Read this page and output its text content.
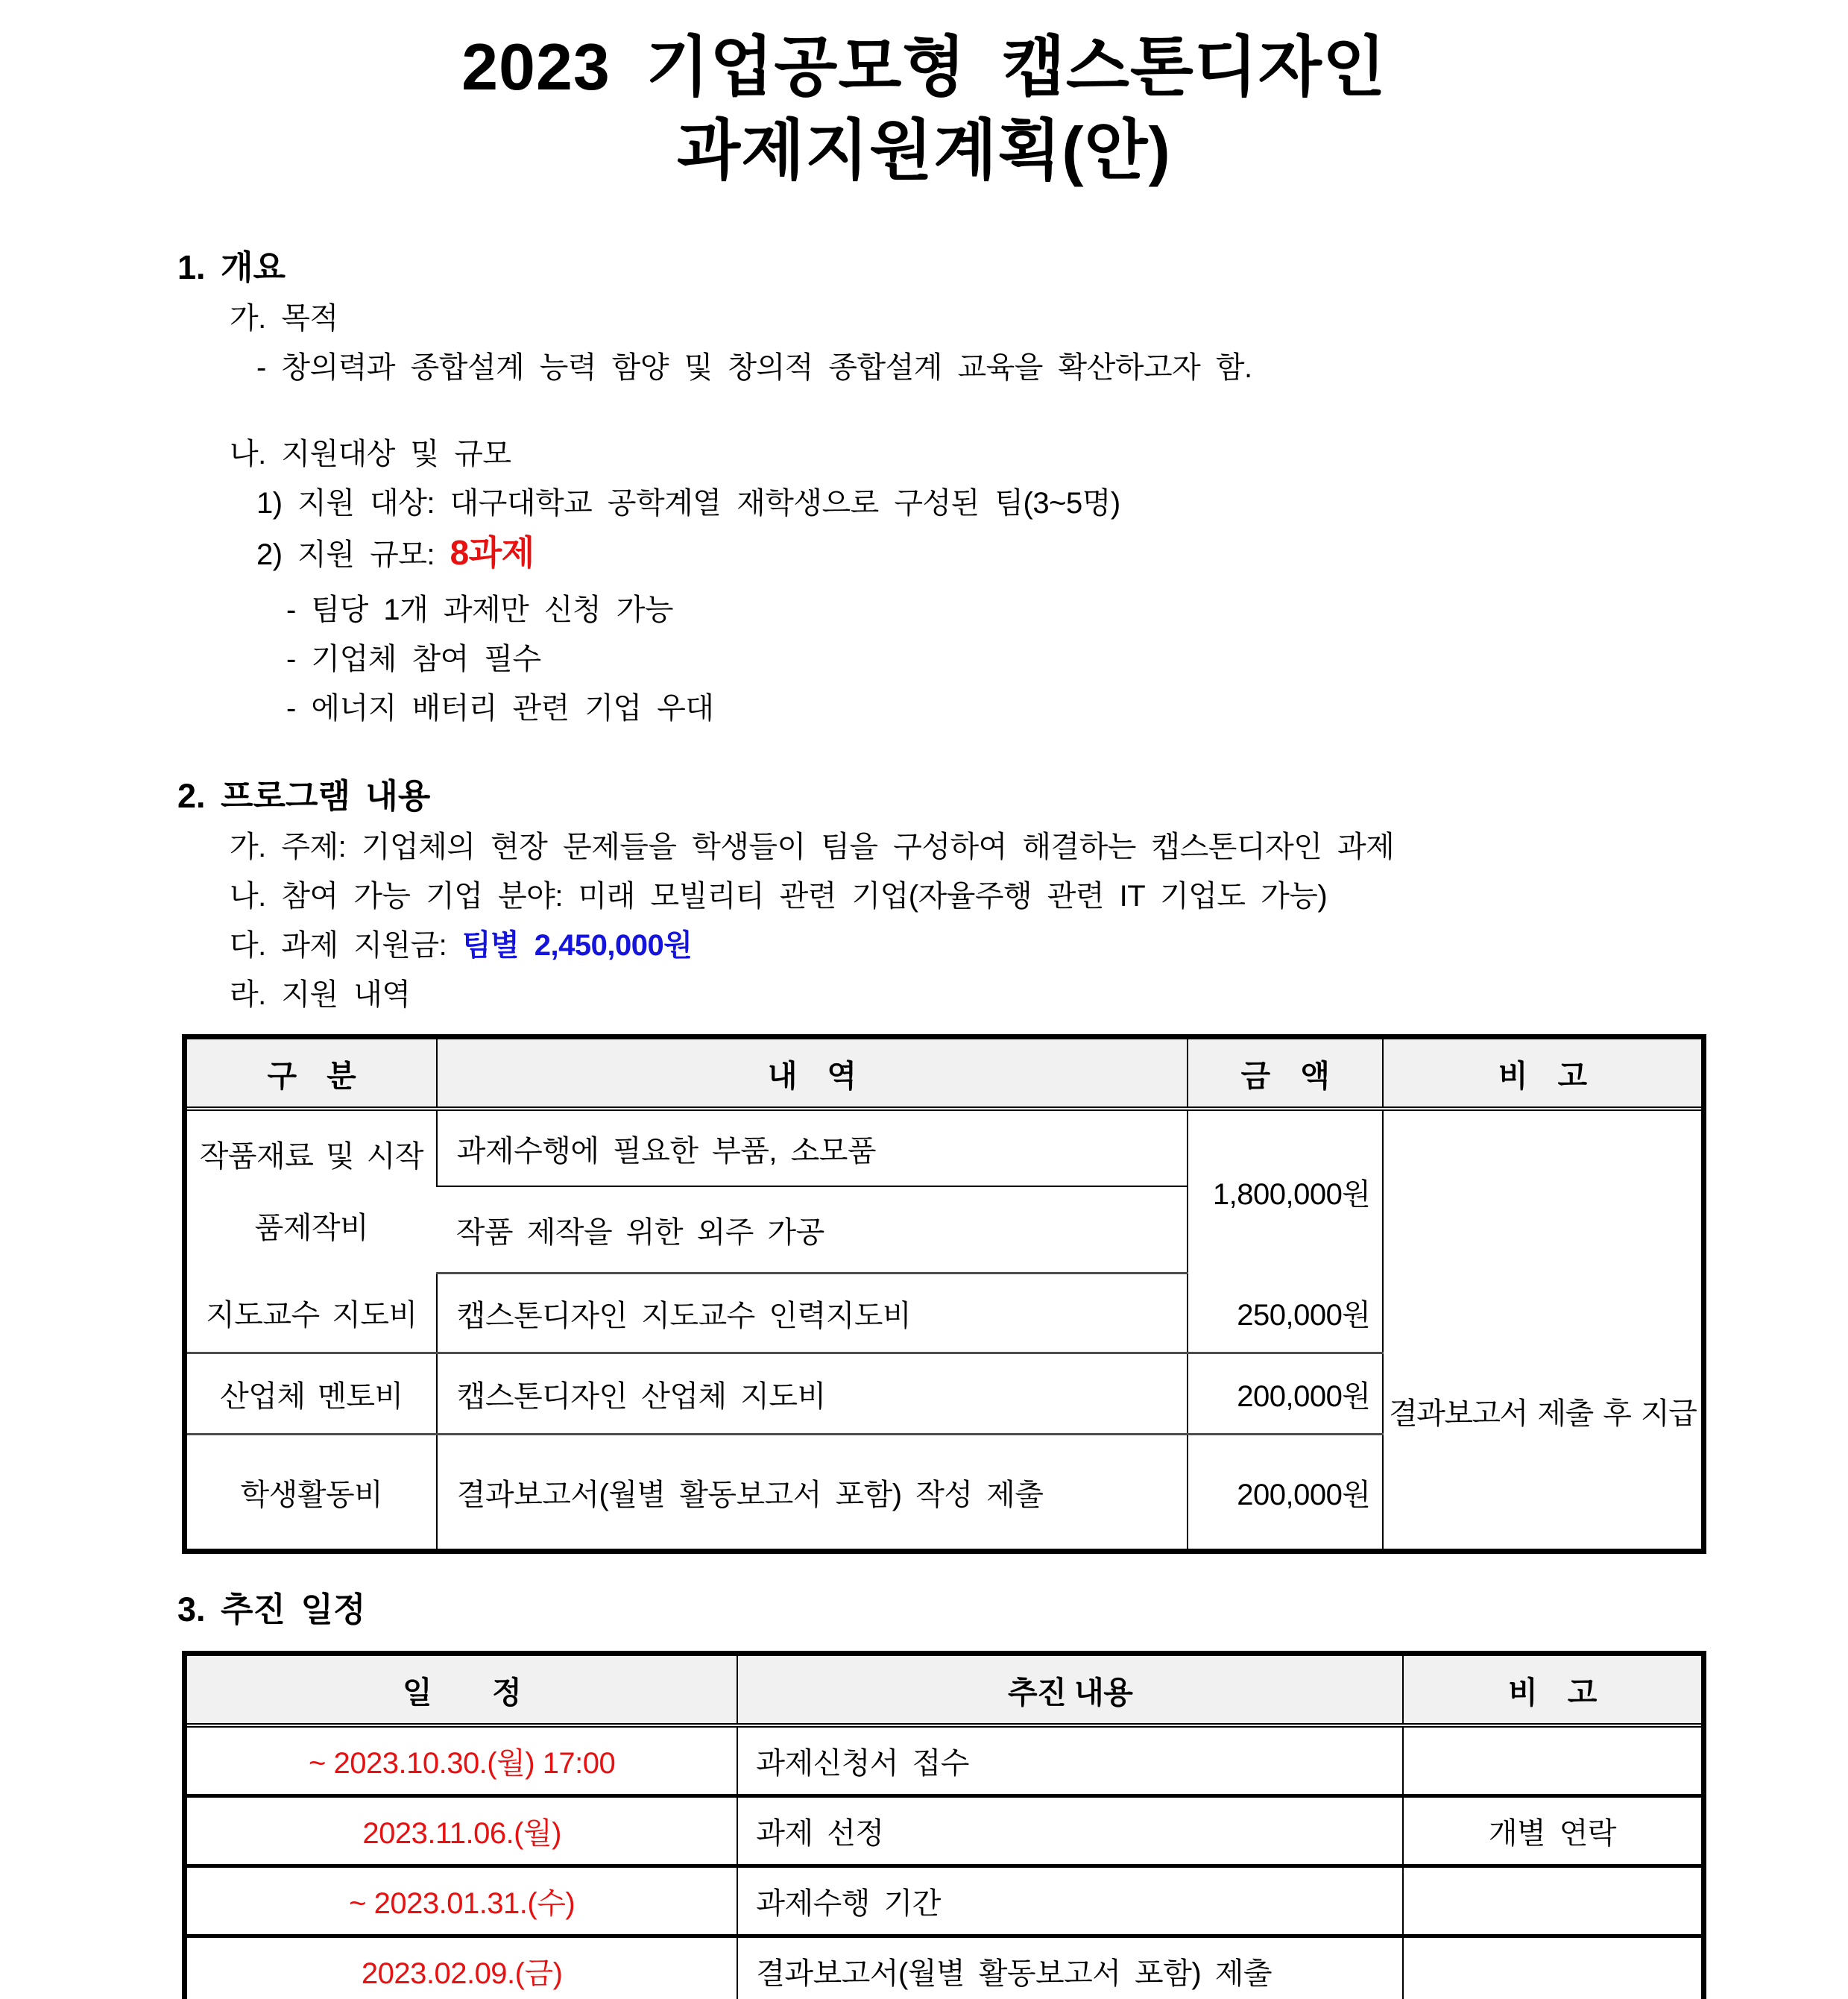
2023 기업공모형 캡스톤디자인
과제지원계획(안)
1. 개요
가. 목적
- 창의력과 종합설계 능력 함양 및 창의적 종합설계 교육을 확산하고자 함.
나. 지원대상 및 규모
1) 지원 대상: 대구대학교 공학계열 재학생으로 구성된 팀(3~5명)
2) 지원 규모: 8과제
- 팀당 1개 과제만 신청 가능
- 기업체 참여 필수
- 에너지 배터리 관련 기업 우대
2. 프로그램 내용
가. 주제: 기업체의 현장 문제들을 학생들이 팀을 구성하여 해결하는 캡스톤디자인 과제
나. 참여 가능 기업 분야: 미래 모빌리티 관련 기업(자율주행 관련 IT 기업도 가능)
다. 과제 지원금: 팀별 2,450,000원
라. 지원 내역
구　분	내　역	금　액	비　고
작품재료 및 시작품제작비	과제수행에 필요한 부품, 소모품	1,800,000원	
	작품 제작을 위한 외주 가공		
지도교수 지도비	캡스톤디자인 지도교수 인력지도비	250,000원	결과보고서 제출 후 지급
산업체 멘토비	캡스톤디자인 산업체 지도비	200,000원	
학생활동비	결과보고서(월별 활동보고서 포함) 작성 제출	200,000원	
3. 추진 일정
일　　정	추진 내용	비　고
~ 2023.10.30.(월) 17:00	과제신청서 접수	
2023.11.06.(월)	과제 선정	개별 연락
~ 2023.01.31.(수)	과제수행 기간	
2023.02.09.(금)	결과보고서(월별 활동보고서 포함) 제출	
